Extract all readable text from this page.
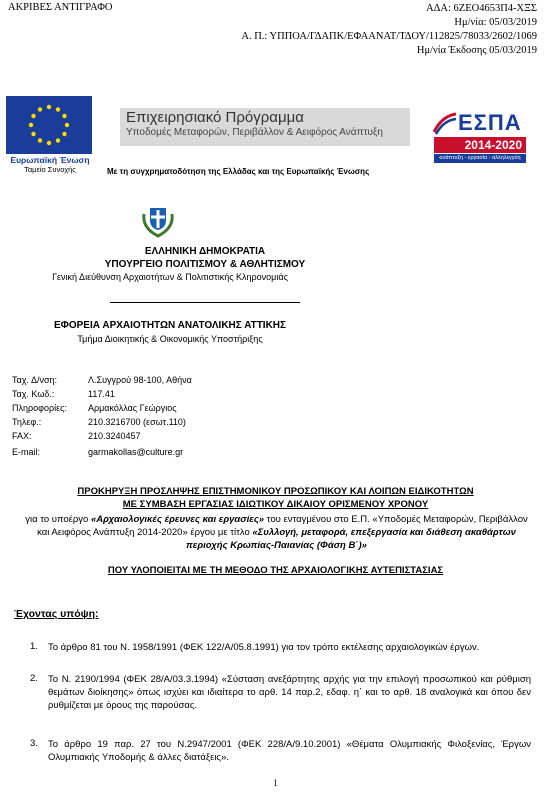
ΑΚΡΙΒΕΣ ΑΝΤΙΓΡΑΦΟ	ΑΔΑ: 6ΖΕΟ4653Π4-ΧΞΣ
Ημ/νία: 05/03/2019
Α. Π.: ΥΠΠΟΑ/ΓΔΑΠΚ/ΕΦΑΑΝΑΤ/ΤΔΟΥ/112825/78033/2602/1069
Ημ/νία Έκδοσης 05/03/2019
Ευρωπαϊκή Ένωση
Ταμείο Συνοχής
Επιχειρησιακό Πρόγραμμα
Υποδομές Μεταφορών, Περιβάλλον & Αειφόρος Ανάπτυξη	ΕΣΠΑ
2014-2020
ανάπτυξη - εργασία - αλληλεγγύη
Με τη συγχρηματοδότηση της Ελλάδας και της Ευρωπαϊκής Ένωσης
ΕΛΛΗΝΙΚΗ ΔΗΜΟΚΡΑΤΙΑ
ΥΠΟΥΡΓΕΙΟ ΠΟΛΙΤΙΣΜΟΥ & ΑΘΛΗΤΙΣΜΟΥ
Γενική Διεύθυνση Αρχαιοτήτων & Πολιτιστικής Κληρονομιάς
ΕΦΟΡΕΙΑ ΑΡΧΑΙΟΤΗΤΩΝ ΑΝΑΤΟΛΙΚΗΣ ΑΤΤΙΚΗΣ
Τμήμα Διοικητικής & Οικονομικής Υποστήριξης
Ταχ. Δ/νση:	Λ.Συγγρού 98-100, Αθήνα
Ταχ. Κωδ.:	117.41
Πληροφορίες: Αρμακόλλας Γεώργιος
Τηλεφ.:	210.3216700 (εσωτ.110)
FAX:	210.3240457
E-mail:	garmakollas@culture.gr
ΠΡΟΚΗΡΥΞΗ ΠΡΟΣΛΗΨΗΣ ΕΠΙΣΤΗΜΟΝΙΚΟΥ ΠΡΟΣΩΠΙΚΟΥ ΚΑΙ ΛΟΙΠΩΝ ΕΙΔΙΚΟΤΗΤΩΝ
ΜΕ ΣΥΜΒΑΣΗ ΕΡΓΑΣΙΑΣ ΙΔΙΩΤΙΚΟΥ ΔΙΚΑΙΟΥ ΟΡΙΣΜΕΝΟΥ ΧΡΟΝΟΥ
για το υποέργο «Αρχαιολογικές έρευνες και εργασίες» του ενταγμένου στο Ε.Π. «Υποδομές Μεταφορών, Περιβάλλον και Αειφόρος Ανάπτυξη 2014-2020» έργου με τίτλο «Συλλογή, μεταφορά, επεξεργασία και διάθεση ακαθάρτων περιοχής Κρωπίας-Παιανίας (Φάση Β΄)»
ΠΟΥ ΥΛΟΠΟΙΕΙΤΑΙ ΜΕ ΤΗ ΜΕΘΟΔΟ ΤΗΣ ΑΡΧΑΙΟΛΟΓΙΚΗΣ ΑΥΤΕΠΙΣΤΑΣΙΑΣ
Έχοντας υπόψη:
1. Το άρθρο 81 του Ν. 1958/1991 (ΦΕΚ 122/Α/05.8.1991) για τον τρόπο εκτέλεσης αρχαιολογικών έργων.
2. Το Ν. 2190/1994 (ΦΕΚ 28/Α/03.3.1994) «Σύσταση ανεξάρτητης αρχής για την επιλογή προσωπικού και ρύθμιση θεμάτων διοίκησης» όπως ισχύει και ιδιαίτερα το αρθ. 14 παρ.2, εδαφ. η΄ και το αρθ. 18 αναλογικά και όπου δεν ρυθμίζεται με όρους της παρούσας.
3. Το άρθρο 19 παρ. 27 του Ν.2947/2001 (ΦΕΚ 228/Α/9.10.2001) «Θέματα Ολυμπιακής Φιλοξενίας, Έργων Ολυμπιακής Υποδομής & άλλες διατάξεις».
1
